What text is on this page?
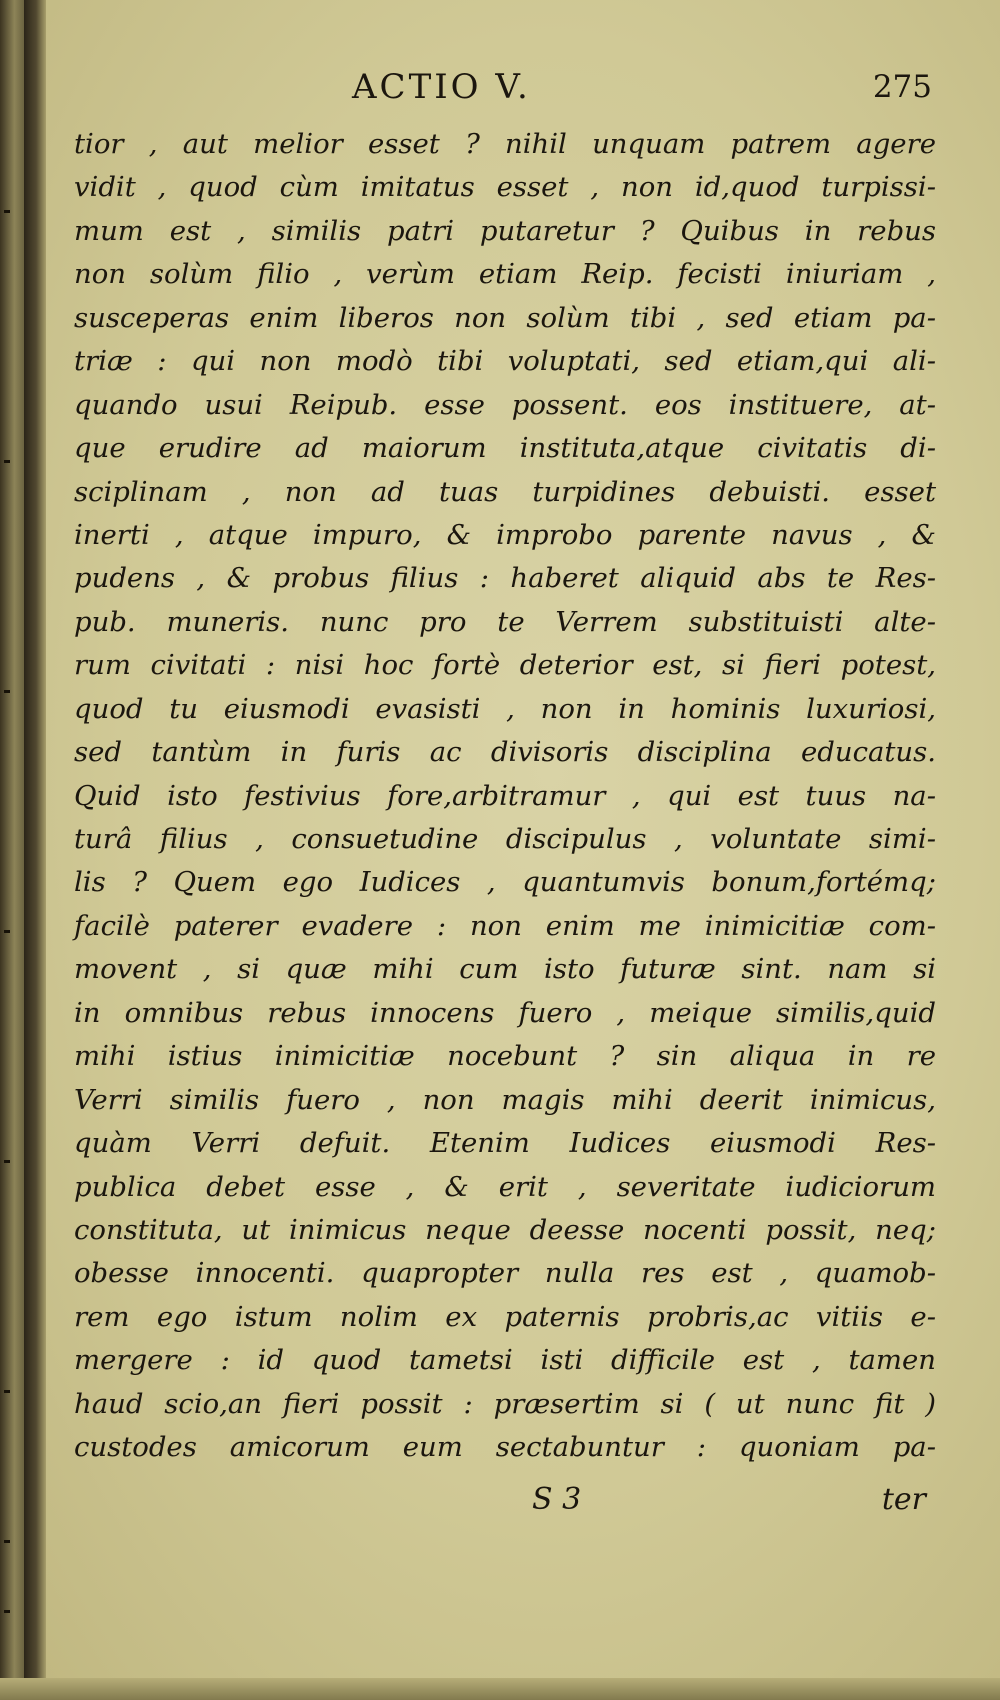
ACTIO V.	275
tior , aut melior esset ? nihil unquam patrem agere
vidit , quod cùm imitatus esset , non id,quod turpissi-
mum est , similis patri putaretur ? Quibus in rebus
non solùm filio , verùm etiam Reip. fecisti iniuriam ,
susceperas enim liberos non solùm tibi , sed etiam pa-
triæ : qui non modò tibi voluptati, sed etiam,qui ali-
quando usui Reipub. esse possent. eos instituere, at-
que erudire ad maiorum instituta,atque civitatis di-
sciplinam , non ad tuas turpidines debuisti. esset
inerti , atque impuro, & improbo parente navus , &
pudens , & probus filius : haberet aliquid abs te Res-
pub. muneris. nunc pro te Verrem substituisti alte-
rum civitati : nisi hoc fortè deterior est, si fieri potest,
quod tu eiusmodi evasisti , non in hominis luxuriosi,
sed tantùm in furis ac divisoris disciplina educatus.
Quid isto festivius fore,arbitramur , qui est tuus na-
turâ filius , consuetudine discipulus , voluntate simi-
lis ? Quem ego Iudices , quantumvis bonum,fortémq;
facilè paterer evadere : non enim me inimicitiæ com-
movent , si quæ mihi cum isto futuræ sint. nam si
in omnibus rebus innocens fuero , meique similis,quid
mihi istius inimicitiæ nocebunt ? sin aliqua in re
Verri similis fuero , non magis mihi deerit inimicus,
quàm Verri defuit. Etenim Iudices eiusmodi Res-
publica debet esse , & erit , severitate iudiciorum
constituta, ut inimicus neque deesse nocenti possit, neq;
obesse innocenti. quapropter nulla res est , quamob-
rem ego istum nolim ex paternis probris,ac vitiis e-
mergere : id quod tametsi isti difficile est , tamen
haud scio,an fieri possit : præsertim si ( ut nunc fit )
custodes amicorum eum sectabuntur : quoniam pa-
S 3	ter
